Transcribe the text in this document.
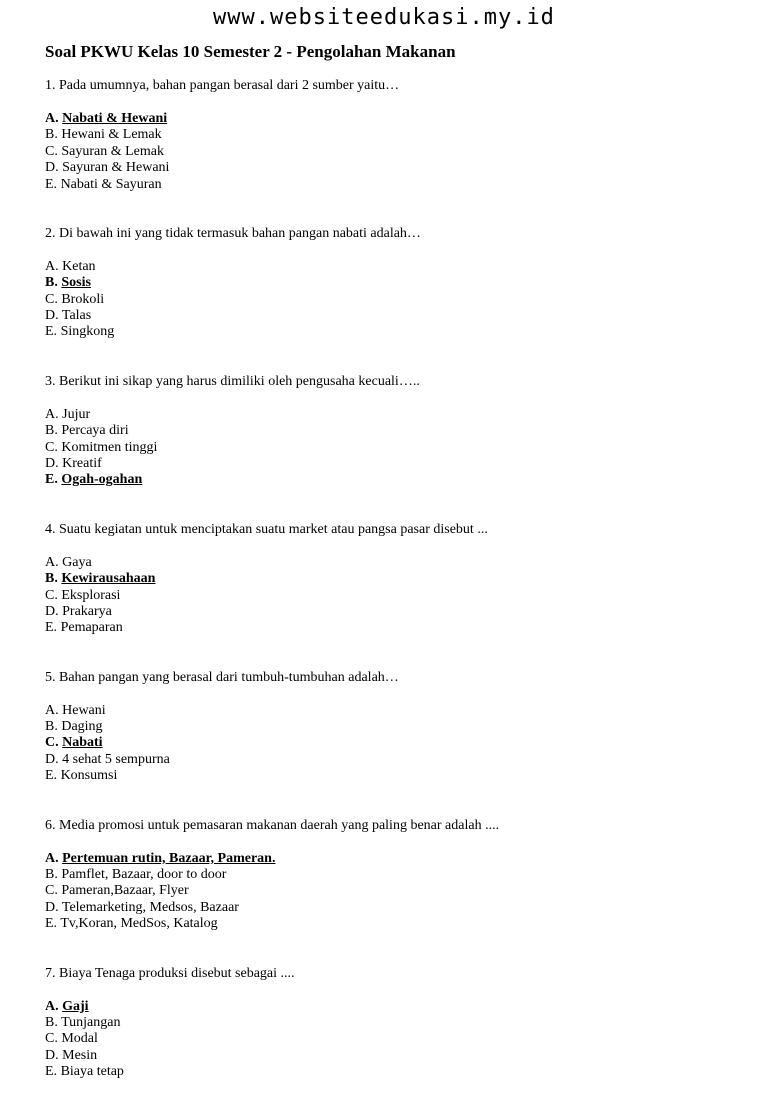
www.websiteedukasi.my.id
Soal PKWU Kelas 10 Semester 2 - Pengolahan Makanan
1. Pada umumnya, bahan pangan berasal dari 2 sumber yaitu…
A. Nabati & Hewani
B. Hewani & Lemak
C. Sayuran & Lemak
D. Sayuran & Hewani
E. Nabati & Sayuran
2. Di bawah ini yang tidak termasuk bahan pangan nabati adalah…
A. Ketan
B. Sosis
C. Brokoli
D. Talas
E. Singkong
3. Berikut ini sikap yang harus dimiliki oleh pengusaha kecuali…..
A. Jujur
B. Percaya diri
C. Komitmen tinggi
D. Kreatif
E. Ogah-ogahan
4. Suatu kegiatan untuk menciptakan suatu market atau pangsa pasar disebut ...
A. Gaya
B. Kewirausahaan
C. Eksplorasi
D. Prakarya
E. Pemaparan
5. Bahan pangan yang berasal dari tumbuh-tumbuhan adalah…
A. Hewani
B. Daging
C. Nabati
D. 4 sehat 5 sempurna
E. Konsumsi
6. Media promosi untuk pemasaran makanan daerah yang paling benar adalah ....
A. Pertemuan rutin, Bazaar, Pameran.
B. Pamflet, Bazaar, door to door
C. Pameran,Bazaar, Flyer
D. Telemarketing, Medsos, Bazaar
E. Tv,Koran, MedSos, Katalog
7. Biaya Tenaga produksi disebut sebagai ....
A. Gaji
B. Tunjangan
C. Modal
D. Mesin
E. Biaya tetap
